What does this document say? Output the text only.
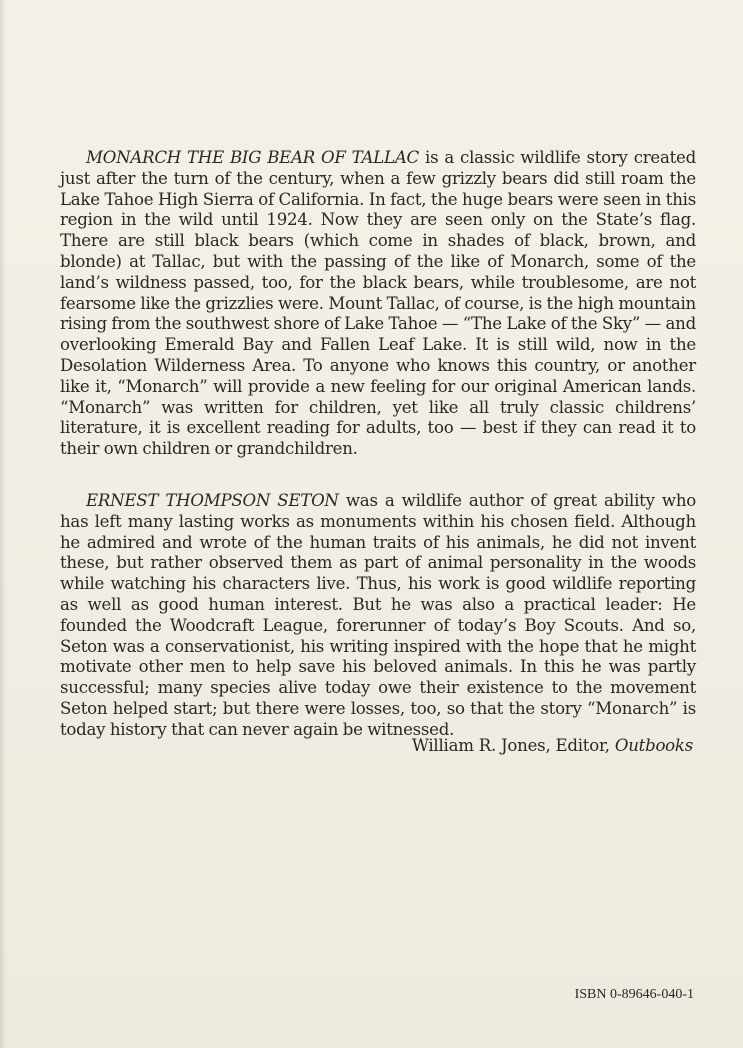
MONARCH THE BIG BEAR OF TALLAC is a classic wildlife story created just after the turn of the century, when a few grizzly bears did still roam the Lake Tahoe High Sierra of California. In fact, the huge bears were seen in this region in the wild until 1924. Now they are seen only on the State’s flag. There are still black bears (which come in shades of black, brown, and blonde) at Tallac, but with the passing of the like of Monarch, some of the land’s wildness passed, too, for the black bears, while troublesome, are not fearsome like the grizzlies were. Mount Tallac, of course, is the high mountain rising from the southwest shore of Lake Tahoe — “The Lake of the Sky” — and overlooking Emerald Bay and Fallen Leaf Lake. It is still wild, now in the Desolation Wilderness Area. To anyone who knows this country, or another like it, “Monarch” will provide a new feeling for our original American lands. “Monarch” was written for children, yet like all truly classic childrens’ literature, it is excellent reading for adults, too — best if they can read it to their own children or grandchildren.

ERNEST THOMPSON SETON was a wildlife author of great ability who has left many lasting works as monuments within his chosen field. Although he admired and wrote of the human traits of his animals, he did not invent these, but rather observed them as part of animal personality in the woods while watching his characters live. Thus, his work is good wildlife reporting as well as good human interest. But he was also a practical leader: He founded the Woodcraft League, forerunner of today’s Boy Scouts. And so, Seton was a conservationist, his writing inspired with the hope that he might motivate other men to help save his beloved animals. In this he was partly successful; many species alive today owe their existence to the movement Seton helped start; but there were losses, too, so that the story “Monarch” is today history that can never again be witnessed.

William R. Jones, Editor, Outbooks
ISBN 0-89646-040-1
